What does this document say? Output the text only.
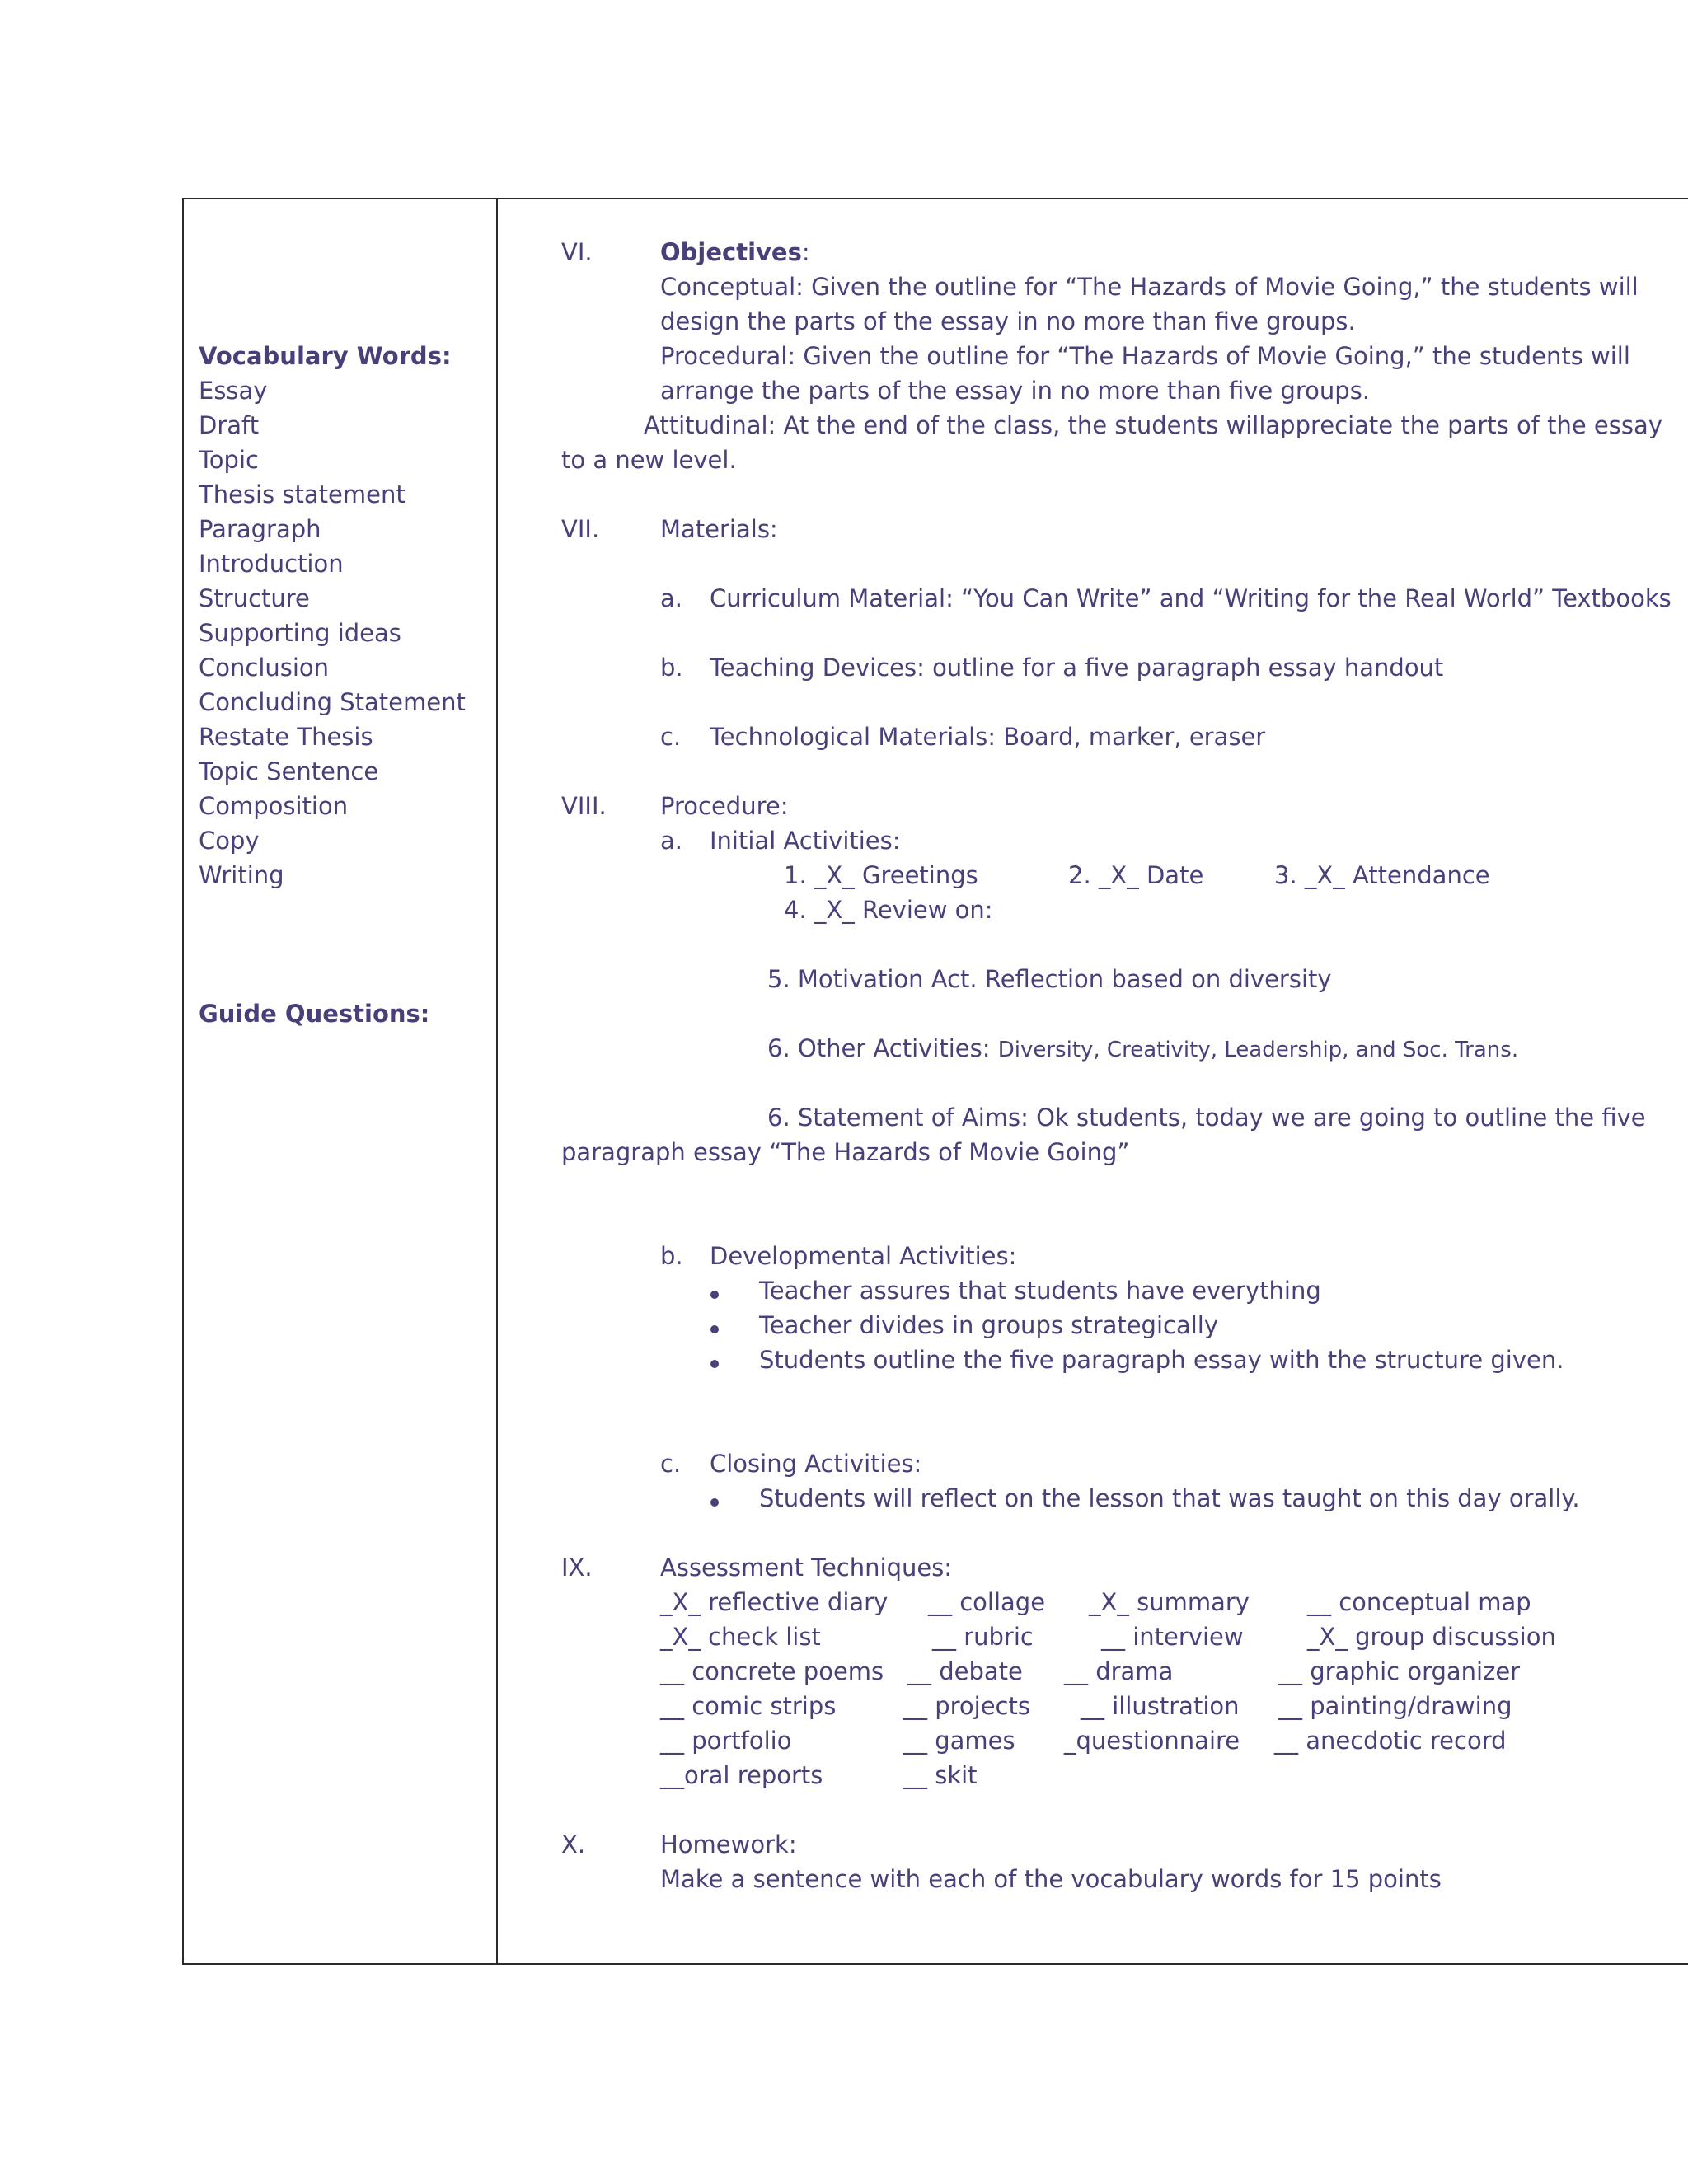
Vocabulary Words:
Essay
Draft
Topic
Thesis statement
Paragraph
Introduction
Structure
Supporting ideas
Conclusion
Concluding Statement
Restate Thesis
Topic Sentence
Composition
Copy
Writing
Guide Questions:
VI.	Objectives:
Conceptual: Given the outline for “The Hazards of Movie Going,” the students will
design the parts of the essay in no more than five groups.
Procedural: Given the outline for “The Hazards of Movie Going,” the students will
arrange the parts of the essay in no more than five groups.
Attitudinal: At the end of the class, the students willappreciate the parts of the essay
to a new level.
VII.	Materials:
a. Curriculum Material: “You Can Write” and “Writing for the Real World” Textbooks
b. Teaching Devices: outline for a five paragraph essay handout
c. Technological Materials: Board, marker, eraser
VIII. Procedure:
a. Initial Activities:
1. _X_ Greetings	2. _X_ Date	3. _X_ Attendance
4. _X_ Review on:
5. Motivation Act. Reflection based on diversity
6. Other Activities: Diversity, Creativity, Leadership, and Soc. Trans.
6. Statement of Aims: Ok students, today we are going to outline the five
paragraph essay “The Hazards of Movie Going”
b. Developmental Activities:
Teacher assures that students have everything
Teacher divides in groups strategically
Students outline the five paragraph essay with the structure given.
c. Closing Activities:
Students will reflect on the lesson that was taught on this day orally.
IX.	Assessment Techniques:
_X_ reflective diary __ collage _X_ summary __ conceptual map
_X_ check list	__ rubric	__ interview	_X_ group discussion
__ concrete poems __ debate __ drama	__ graphic organizer
__ comic strips	__ projects __ illustration __ painting/drawing
__ portfolio	__ games _questionnaire __ anecdotic record
__oral reports	__ skit
X.	Homework:
Make a sentence with each of the vocabulary words for 15 points
